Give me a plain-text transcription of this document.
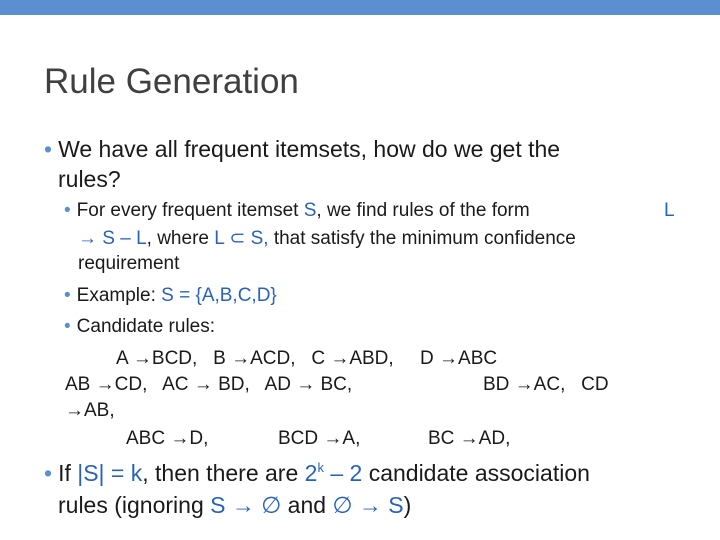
Rule Generation
• We have all frequent itemsets, how do we get the
rules?
• For every frequent itemset S, we find rules of the form	L
→ S – L, where L ⊂ S, that satisfy the minimum confidence
requirement
• Example: S = {A,B,C,D}
• Candidate rules:
A →BCD,   B →ACD,   C →ABD,     D →ABC
AB →CD,   AC → BD,   AD → BC,	BD →AC,   CD
→AB,
ABC →D,	BCD →A,	BC →AD,
• If |S| = k, then there are 2$^k$ – 2 candidate association
rules (ignoring S → ∅ and ∅ → S)
